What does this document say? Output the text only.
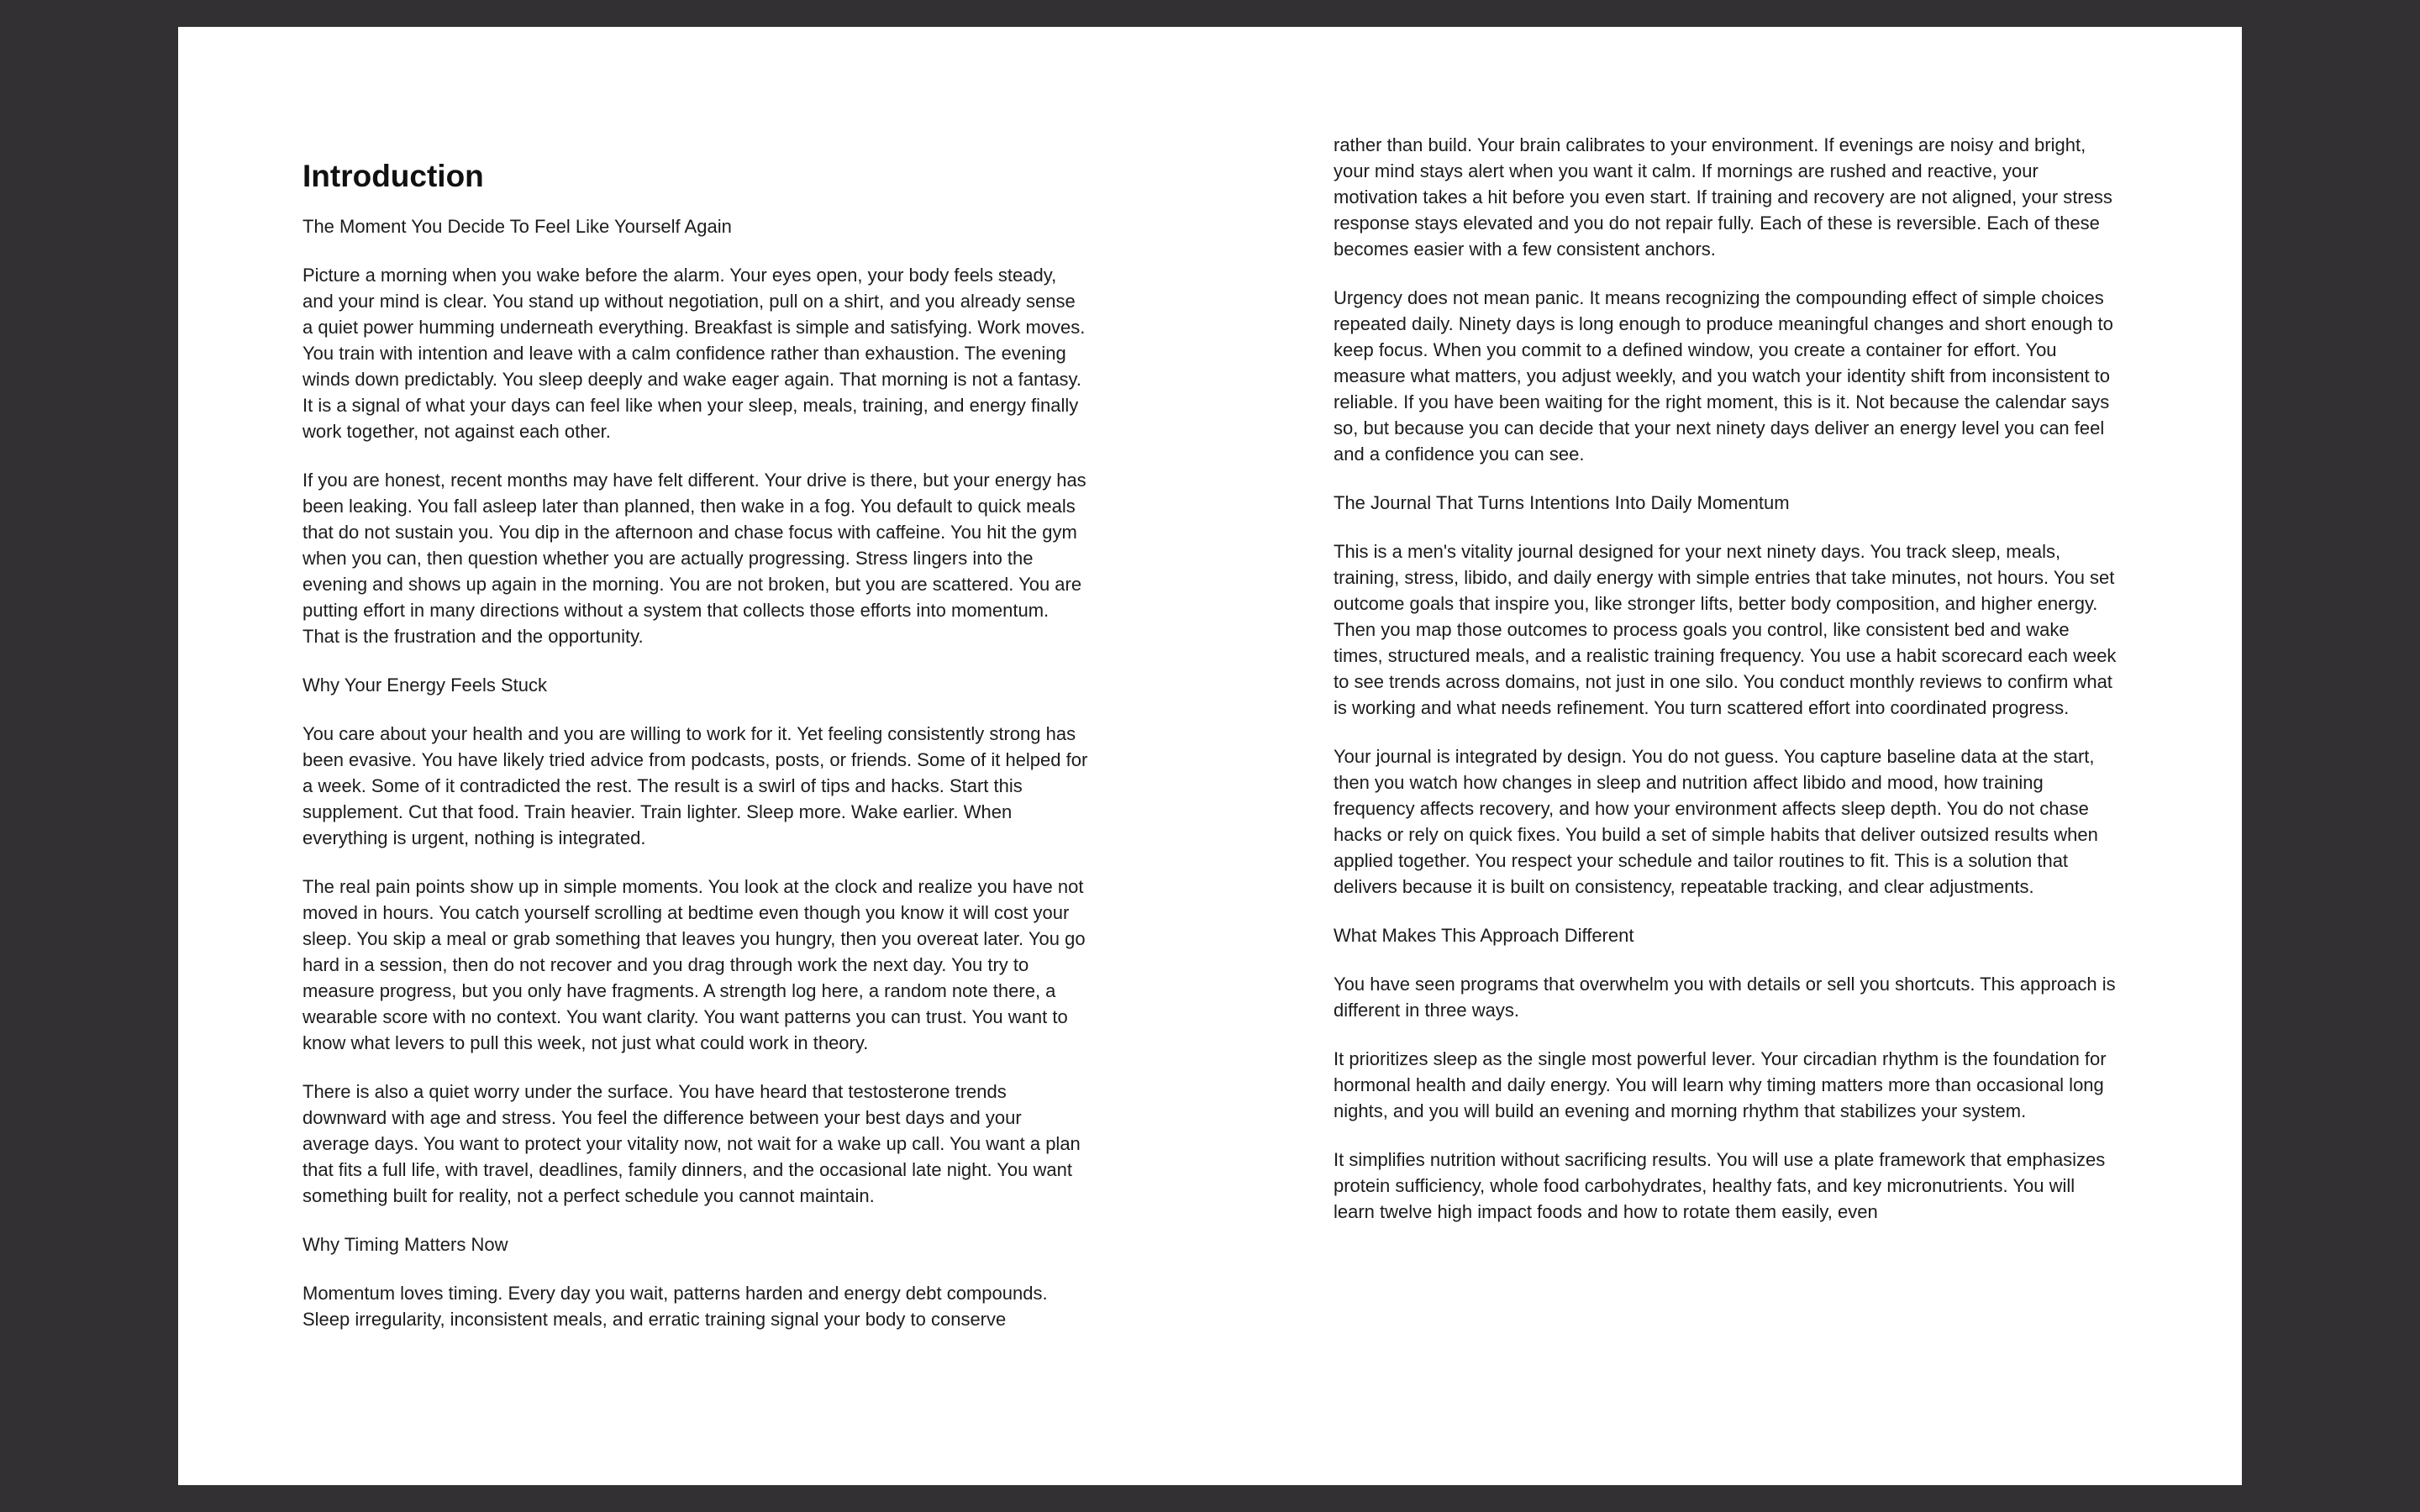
Introduction
The Moment You Decide To Feel Like Yourself Again

Picture a morning when you wake before the alarm. Your eyes open, your body feels steady, and your mind is clear. You stand up without negotiation, pull on a shirt, and you already sense a quiet power humming underneath everything. Breakfast is simple and satisfying. Work moves. You train with intention and leave with a calm confidence rather than exhaustion. The evening winds down predictably. You sleep deeply and wake eager again. That morning is not a fantasy. It is a signal of what your days can feel like when your sleep, meals, training, and energy finally work together, not against each other.

If you are honest, recent months may have felt different. Your drive is there, but your energy has been leaking. You fall asleep later than planned, then wake in a fog. You default to quick meals that do not sustain you. You dip in the afternoon and chase focus with caffeine. You hit the gym when you can, then question whether you are actually progressing. Stress lingers into the evening and shows up again in the morning. You are not broken, but you are scattered. You are putting effort in many directions without a system that collects those efforts into momentum. That is the frustration and the opportunity.

Why Your Energy Feels Stuck

You care about your health and you are willing to work for it. Yet feeling consistently strong has been evasive. You have likely tried advice from podcasts, posts, or friends. Some of it helped for a week. Some of it contradicted the rest. The result is a swirl of tips and hacks. Start this supplement. Cut that food. Train heavier. Train lighter. Sleep more. Wake earlier. When everything is urgent, nothing is integrated.

The real pain points show up in simple moments. You look at the clock and realize you have not moved in hours. You catch yourself scrolling at bedtime even though you know it will cost your sleep. You skip a meal or grab something that leaves you hungry, then you overeat later. You go hard in a session, then do not recover and you drag through work the next day. You try to measure progress, but you only have fragments. A strength log here, a random note there, a wearable score with no context. You want clarity. You want patterns you can trust. You want to know what levers to pull this week, not just what could work in theory.

There is also a quiet worry under the surface. You have heard that testosterone trends downward with age and stress. You feel the difference between your best days and your average days. You want to protect your vitality now, not wait for a wake up call. You want a plan that fits a full life, with travel, deadlines, family dinners, and the occasional late night. You want something built for reality, not a perfect schedule you cannot maintain.

Why Timing Matters Now

Momentum loves timing. Every day you wait, patterns harden and energy debt compounds. Sleep irregularity, inconsistent meals, and erratic training signal your body to conserve

rather than build. Your brain calibrates to your environment. If evenings are noisy and bright, your mind stays alert when you want it calm. If mornings are rushed and reactive, your motivation takes a hit before you even start. If training and recovery are not aligned, your stress response stays elevated and you do not repair fully. Each of these is reversible. Each of these becomes easier with a few consistent anchors.

Urgency does not mean panic. It means recognizing the compounding effect of simple choices repeated daily. Ninety days is long enough to produce meaningful changes and short enough to keep focus. When you commit to a defined window, you create a container for effort. You measure what matters, you adjust weekly, and you watch your identity shift from inconsistent to reliable. If you have been waiting for the right moment, this is it. Not because the calendar says so, but because you can decide that your next ninety days deliver an energy level you can feel and a confidence you can see.

The Journal That Turns Intentions Into Daily Momentum

This is a men's vitality journal designed for your next ninety days. You track sleep, meals, training, stress, libido, and daily energy with simple entries that take minutes, not hours. You set outcome goals that inspire you, like stronger lifts, better body composition, and higher energy. Then you map those outcomes to process goals you control, like consistent bed and wake times, structured meals, and a realistic training frequency. You use a habit scorecard each week to see trends across domains, not just in one silo. You conduct monthly reviews to confirm what is working and what needs refinement. You turn scattered effort into coordinated progress.

Your journal is integrated by design. You do not guess. You capture baseline data at the start, then you watch how changes in sleep and nutrition affect libido and mood, how training frequency affects recovery, and how your environment affects sleep depth. You do not chase hacks or rely on quick fixes. You build a set of simple habits that deliver outsized results when applied together. You respect your schedule and tailor routines to fit. This is a solution that delivers because it is built on consistency, repeatable tracking, and clear adjustments.

What Makes This Approach Different

You have seen programs that overwhelm you with details or sell you shortcuts. This approach is different in three ways.

It prioritizes sleep as the single most powerful lever. Your circadian rhythm is the foundation for hormonal health and daily energy. You will learn why timing matters more than occasional long nights, and you will build an evening and morning rhythm that stabilizes your system.

It simplifies nutrition without sacrificing results. You will use a plate framework that emphasizes protein sufficiency, whole food carbohydrates, healthy fats, and key micronutrients. You will learn twelve high impact foods and how to rotate them easily, even
